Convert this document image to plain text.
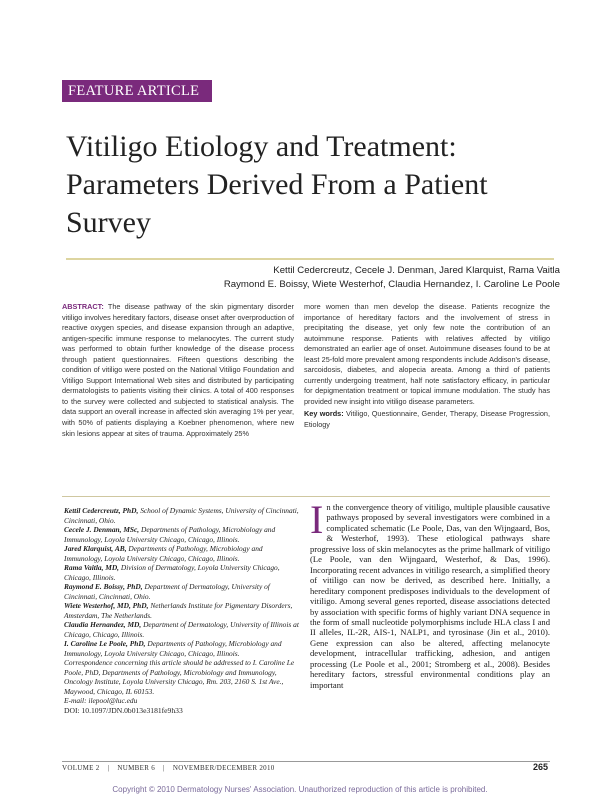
FEATURE ARTICLE
Vitiligo Etiology and Treatment: Parameters Derived From a Patient Survey
Kettil Cedercreutz, Cecele J. Denman, Jared Klarquist, Rama Vaitla
Raymond E. Boissy, Wiete Westerhof, Claudia Hernandez, I. Caroline Le Poole
ABSTRACT: The disease pathway of the skin pigmentary disorder vitiligo involves hereditary factors, disease onset after overproduction of reactive oxygen species, and disease expansion through an adaptive, antigen-specific immune response to melanocytes. The current study was performed to obtain further knowledge of the disease process through patient questionnaires. Fifteen questions describing the condition of vitiligo were posted on the National Vitiligo Foundation and Vitiligo Support International Web sites and distributed by participating dermatologists to patients visiting their clinics. A total of 400 responses to the survey were collected and subjected to statistical analysis. The data support an overall increase in affected skin averaging 1% per year, with 50% of patients displaying a Koebner phenomenon, where new skin lesions appear at sites of trauma. Approximately 25%
more women than men develop the disease. Patients recognize the importance of hereditary factors and the involvement of stress in precipitating the disease, yet only few note the contribution of an autoimmune response. Patients with relatives affected by vitiligo demonstrated an earlier age of onset. Autoimmune diseases found to be at least 25-fold more prevalent among respondents include Addison's disease, sarcoidosis, diabetes, and alopecia areata. Among a third of patients currently undergoing treatment, half note satisfactory efficacy, in particular for depigmentation treatment or topical immune modulation. The study has provided new insight into vitiligo disease parameters.
Key words: Vitiligo, Questionnaire, Gender, Therapy, Disease Progression, Etiology

Kettil Cedercreutz, PhD, School of Dynamic Systems, University of Cincinnati, Cincinnati, Ohio.

Cecele J. Denman, MSc, Departments of Pathology, Microbiology and Immunology, Loyola University Chicago, Chicago, Illinois.

Jared Klarquist, AB, Departments of Pathology, Microbiology and Immunology, Loyola University Chicago, Chicago, Illinois.

Rama Vaitla, MD, Division of Dermatology, Loyola University Chicago, Chicago, Illinois.

Raymond E. Boissy, PhD, Department of Dermatology, University of Cincinnati, Cincinnati, Ohio.

Wiete Westerhof, MD, PhD, Netherlands Institute for Pigmentary Disorders, Amsterdam, The Netherlands.

Claudia Hernandez, MD, Department of Dermatology, University of Illinois at Chicago, Chicago, Illinois.

I. Caroline Le Poole, PhD, Departments of Pathology, Microbiology and Immunology, Loyola University Chicago, Chicago, Illinois.

Correspondence concerning this article should be addressed to I. Caroline Le Poole, PhD, Departments of Pathology, Microbiology and Immunology, Oncology Institute, Loyola University Chicago, Rm. 203, 2160 S. 1st Ave., Maywood, Chicago, IL 60153.

E-mail: ilepool@luc.edu

DOI: 10.1097/JDN.0b013e3181fe9h33

In the convergence theory of vitiligo, multiple plausible causative pathways proposed by several investigators were combined in a complicated schematic (Le Poole, Das, van den Wijngaard, Bos, & Westerhof, 1993). These etiological pathways share progressive loss of skin melanocytes as the prime hallmark of vitiligo (Le Poole, van den Wijngaard, Westerhof, & Das, 1996). Incorporating recent advances in vitiligo research, a simplified theory of vitiligo can now be derived, as described here. Initially, a hereditary component predisposes individuals to the development of vitiligo. Among several genes reported, disease associations detected by association with specific forms of highly variant DNA sequence in the form of small nucleotide polymorphisms include HLA class I and II alleles, IL-2R, AIS-1, NALP1, and tyrosinase (Jin et al., 2010). Gene expression can also be altered, affecting melanocyte development, intracellular trafficking, adhesion, and antigen processing (Le Poole et al., 2001; Stromberg et al., 2008). Besides hereditary factors, stressful environmental conditions play an important
VOLUME 2 | NUMBER 6 | NOVEMBER/DECEMBER 2010	265
Copyright © 2010 Dermatology Nurses' Association. Unauthorized reproduction of this article is prohibited.
